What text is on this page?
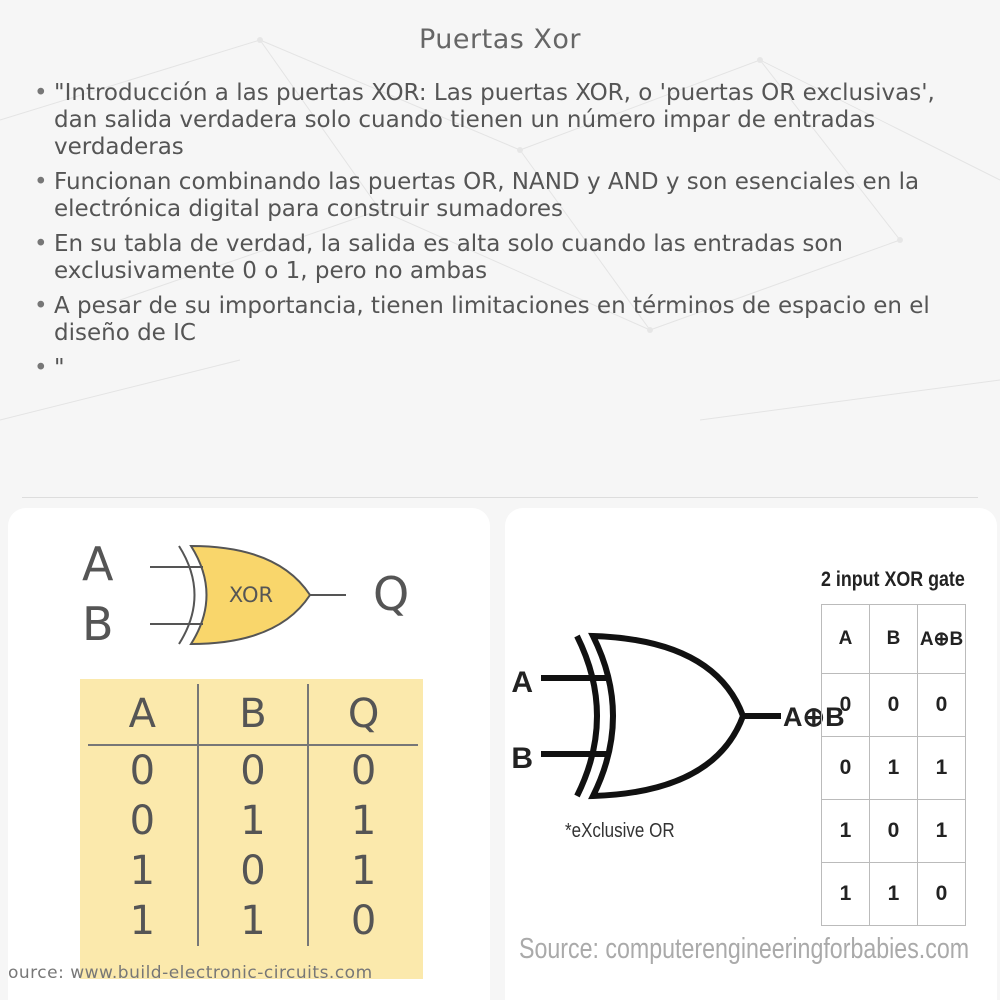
Puertas Xor
• "Introducción a las puertas XOR: Las puertas XOR, o 'puertas OR exclusivas', dan salida verdadera solo cuando tienen un número impar de entradas verdaderas
• Funcionan combinando las puertas OR, NAND y AND y son esenciales en la electrónica digital para construir sumadores
• En su tabla de verdad, la salida es alta solo cuando las entradas son exclusivamente 0 o 1, pero no ambas
• A pesar de su importancia, tienen limitaciones en términos de espacio en el diseño de IC
• "
A
B
Q
XOR
A	B	Q
0	0	0
0	1	1
1	0	1
1	1	0
ource: www.build-electronic-circuits.com
A
B
A⊕B
*eXclusive OR
2 input XOR gate
A	B	A⊕B
0	0	0
0	1	1
1	0	1
1	1	0
Source: computerengineeringforbabies.com
